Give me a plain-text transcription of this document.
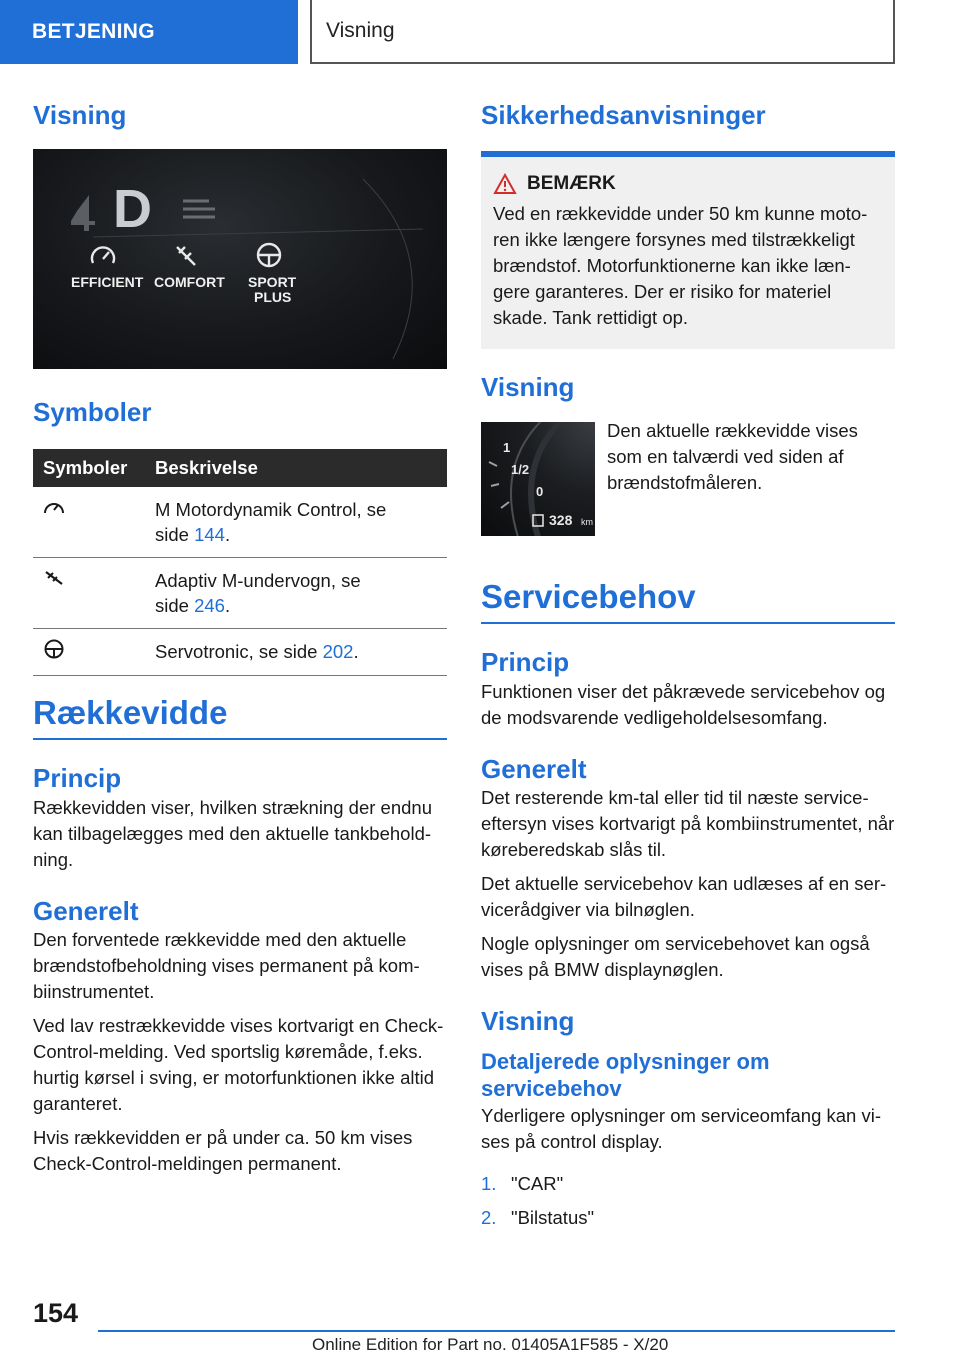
BETJENING	Visning
Visning
D
EFFICIENT COMFORT SPORT
PLUS
Symboler
Symboler	Beskrivelse
	M Motordynamik Control, se
side 144.
	Adaptiv M-undervogn, se
side 246.
	Servotronic, se side 202.
Rækkevidde
Princip

Rækkevidden viser, hvilken strækning der endnu kan tilbagelægges med den aktuelle tankbehold-ning.

Generelt

Den forventede rækkevidde med den aktuelle brændstofbeholdning vises permanent på kom-biinstrumentet.

Ved lav restrækkevidde vises kortvarigt en Check-Control-melding. Ved sportslig køremåde, f.eks. hurtig kørsel i sving, er motorfunktionen ikke altid garanteret.

Hvis rækkevidden er på under ca. 50 km vises Check-Control-meldingen permanent.

Sikkerhedsanvisninger
BEMÆRK

Ved en rækkevidde under 50 km kunne moto-ren ikke længere forsynes med tilstrækkeligt brændstof. Motorfunktionerne kan ikke læn-gere garanteres. Der er risiko for materiel skade. Tank rettidigt op.

Visning
1
1/2
0
328 km

Den aktuelle rækkevidde vises som en talværdi ved siden af brændstofmåleren.

Servicebehov
Princip

Funktionen viser det påkrævede servicebehov og de modsvarende vedligeholdelsesomfang.

Generelt

Det resterende km-tal eller tid til næste service-eftersyn vises kortvarigt på kombiinstrumentet, når køreberedskab slås til.

Det aktuelle servicebehov kan udlæses af en ser-vicerådgiver via bilnøglen.

Nogle oplysninger om servicebehovet kan også vises på BMW displaynøglen.

Visning
Detaljerede oplysninger om servicebehov

Yderligere oplysninger om serviceomfang kan vi-ses på control display.

1. "CAR"
2. "Bilstatus"
154
Online Edition for Part no. 01405A1F585 - X/20
